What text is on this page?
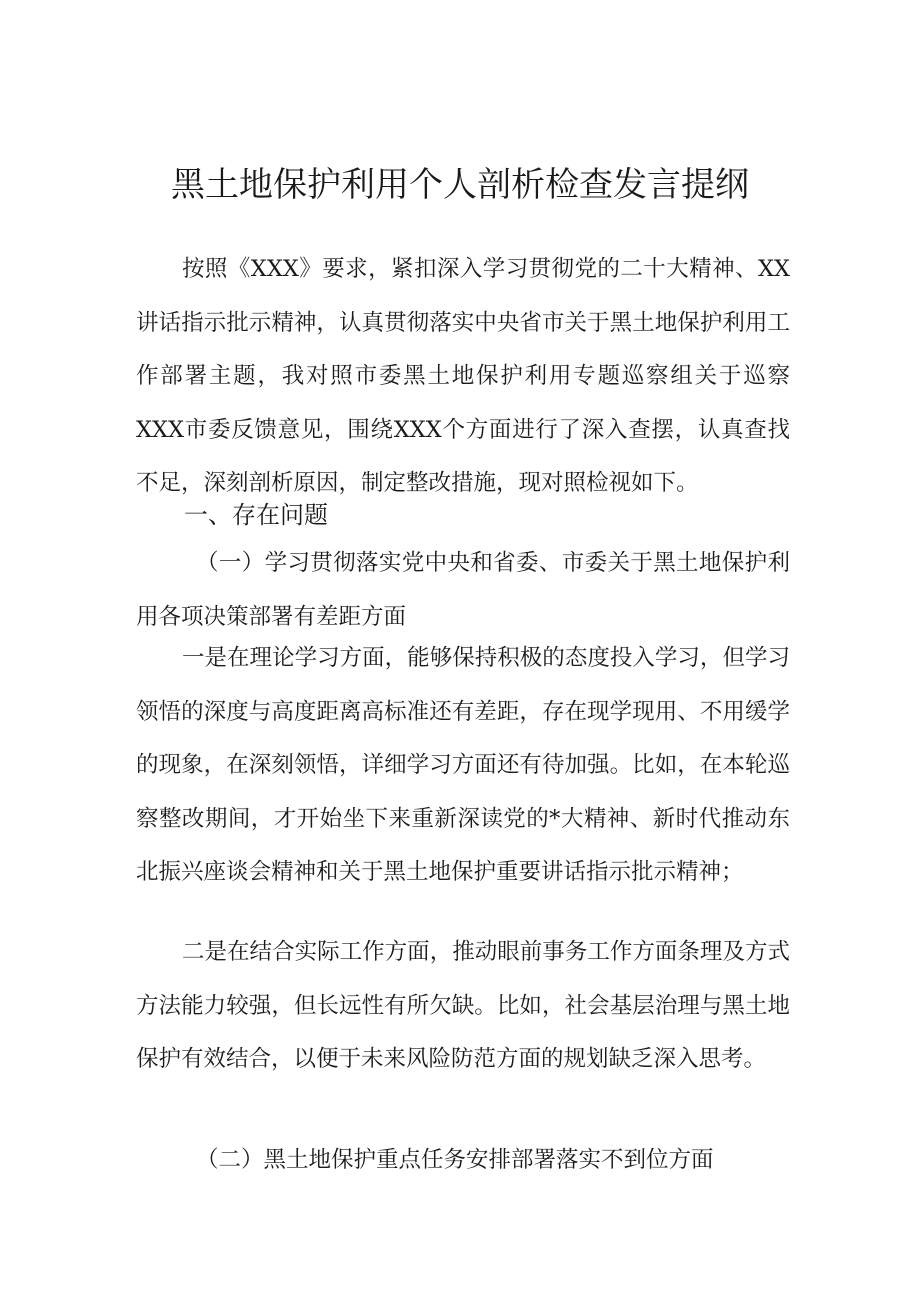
黑土地保护利用个人剖析检查发言提纲

按照《XXX》要求，紧扣深入学习贯彻党的二十大精神、XX讲话指示批示精神，认真贯彻落实中央省市关于黑土地保护利用工作部署主题，我对照市委黑土地保护利用专题巡察组关于巡察XXX市委反馈意见，围绕XXX个方面进行了深入查摆，认真查找不足，深刻剖析原因，制定整改措施，现对照检视如下。

一、存在问题

（一）学习贯彻落实党中央和省委、市委关于黑土地保护利用各项决策部署有差距方面

一是在理论学习方面，能够保持积极的态度投入学习，但学习领悟的深度与高度距离高标准还有差距，存在现学现用、不用缓学的现象，在深刻领悟，详细学习方面还有待加强。比如，在本轮巡察整改期间，才开始坐下来重新深读党的*大精神、新时代推动东北振兴座谈会精神和关于黑土地保护重要讲话指示批示精神；

二是在结合实际工作方面，推动眼前事务工作方面条理及方式方法能力较强，但长远性有所欠缺。比如，社会基层治理与黑土地保护有效结合，以便于未来风险防范方面的规划缺乏深入思考。

（二）黑土地保护重点任务安排部署落实不到位方面
